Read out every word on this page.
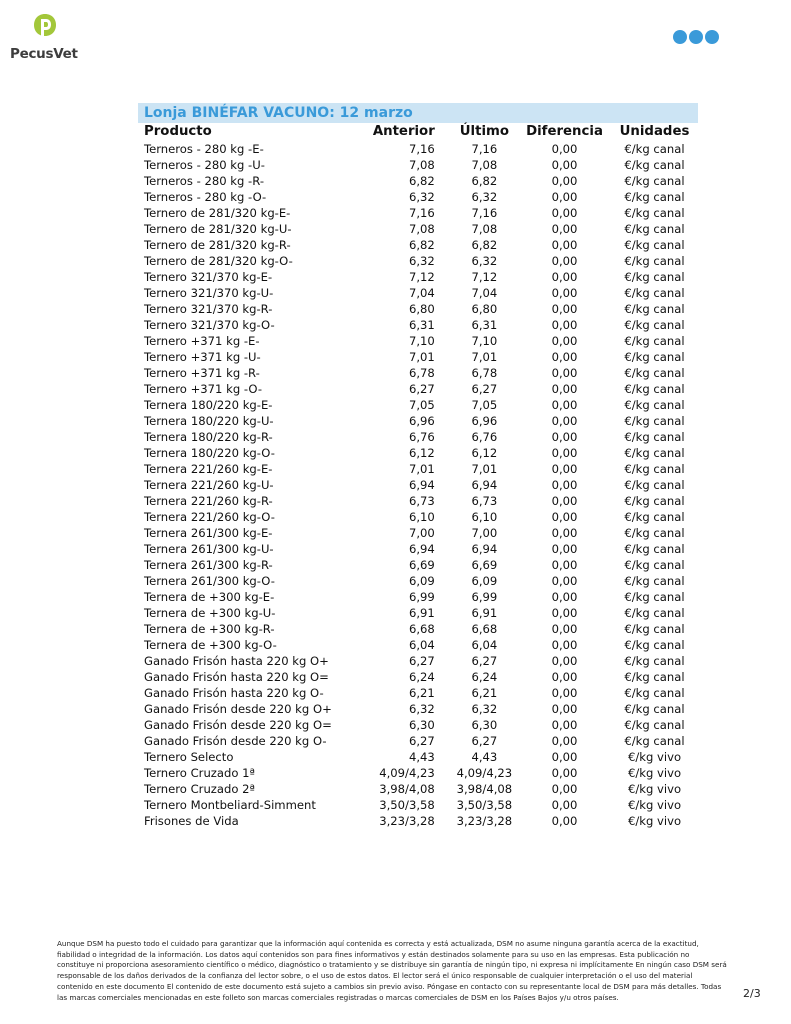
PecusVet
Lonja BINÉFAR VACUNO: 12 marzo
Producto	Anterior	Último	Diferencia	Unidades
Terneros - 280 kg -E-	7,16	7,16	0,00	€/kg canal
Terneros - 280 kg -U-	7,08	7,08	0,00	€/kg canal
Terneros - 280 kg -R-	6,82	6,82	0,00	€/kg canal
Terneros - 280 kg -O-	6,32	6,32	0,00	€/kg canal
Ternero de 281/320 kg-E-	7,16	7,16	0,00	€/kg canal
Ternero de 281/320 kg-U-	7,08	7,08	0,00	€/kg canal
Ternero de 281/320 kg-R-	6,82	6,82	0,00	€/kg canal
Ternero de 281/320 kg-O-	6,32	6,32	0,00	€/kg canal
Ternero 321/370 kg-E-	7,12	7,12	0,00	€/kg canal
Ternero 321/370 kg-U-	7,04	7,04	0,00	€/kg canal
Ternero 321/370 kg-R-	6,80	6,80	0,00	€/kg canal
Ternero 321/370 kg-O-	6,31	6,31	0,00	€/kg canal
Ternero +371 kg -E-	7,10	7,10	0,00	€/kg canal
Ternero +371 kg -U-	7,01	7,01	0,00	€/kg canal
Ternero +371 kg -R-	6,78	6,78	0,00	€/kg canal
Ternero +371 kg -O-	6,27	6,27	0,00	€/kg canal
Ternera 180/220 kg-E-	7,05	7,05	0,00	€/kg canal
Ternera 180/220 kg-U-	6,96	6,96	0,00	€/kg canal
Ternera 180/220 kg-R-	6,76	6,76	0,00	€/kg canal
Ternera 180/220 kg-O-	6,12	6,12	0,00	€/kg canal
Ternera 221/260 kg-E-	7,01	7,01	0,00	€/kg canal
Ternera 221/260 kg-U-	6,94	6,94	0,00	€/kg canal
Ternera 221/260 kg-R-	6,73	6,73	0,00	€/kg canal
Ternera 221/260 kg-O-	6,10	6,10	0,00	€/kg canal
Ternera 261/300 kg-E-	7,00	7,00	0,00	€/kg canal
Ternera 261/300 kg-U-	6,94	6,94	0,00	€/kg canal
Ternera 261/300 kg-R-	6,69	6,69	0,00	€/kg canal
Ternera 261/300 kg-O-	6,09	6,09	0,00	€/kg canal
Ternera de +300 kg-E-	6,99	6,99	0,00	€/kg canal
Ternera de +300 kg-U-	6,91	6,91	0,00	€/kg canal
Ternera de +300 kg-R-	6,68	6,68	0,00	€/kg canal
Ternera de +300 kg-O-	6,04	6,04	0,00	€/kg canal
Ganado Frisón hasta 220 kg O+	6,27	6,27	0,00	€/kg canal
Ganado Frisón hasta 220 kg O=	6,24	6,24	0,00	€/kg canal
Ganado Frisón hasta 220 kg O-	6,21	6,21	0,00	€/kg canal
Ganado Frisón desde 220 kg O+	6,32	6,32	0,00	€/kg canal
Ganado Frisón desde 220 kg O=	6,30	6,30	0,00	€/kg canal
Ganado Frisón desde 220 kg O-	6,27	6,27	0,00	€/kg canal
Ternero Selecto	4,43	4,43	0,00	€/kg vivo
Ternero Cruzado 1ª	4,09/4,23	4,09/4,23	0,00	€/kg vivo
Ternero Cruzado 2ª	3,98/4,08	3,98/4,08	0,00	€/kg vivo
Ternero Montbeliard-Simment	3,50/3,58	3,50/3,58	0,00	€/kg vivo
Frisones de Vida	3,23/3,28	3,23/3,28	0,00	€/kg vivo
Aunque DSM ha puesto todo el cuidado para garantizar que la información aquí contenida es correcta y está actualizada, DSM no asume ninguna garantía acerca de la exactitud, fiabilidad o integridad de la información. Los datos aquí contenidos son para fines informativos y están destinados solamente para su uso en las empresas. Esta publicación no constituye ni proporciona asesoramiento científico o médico, diagnóstico o tratamiento y se distribuye sin garantía de ningún tipo, ni expresa ni implícitamente En ningún caso DSM será responsable de los daños derivados de la confianza del lector sobre, o el uso de estos datos. El lector será el único responsable de cualquier interpretación o el uso del material contenido en este documento El contenido de este documento está sujeto a cambios sin previo aviso. Póngase en contacto con su representante local de DSM para más detalles. Todas las marcas comerciales mencionadas en este folleto son marcas comerciales registradas o marcas comerciales de DSM en los Países Bajos y/u otros países.	2/3
